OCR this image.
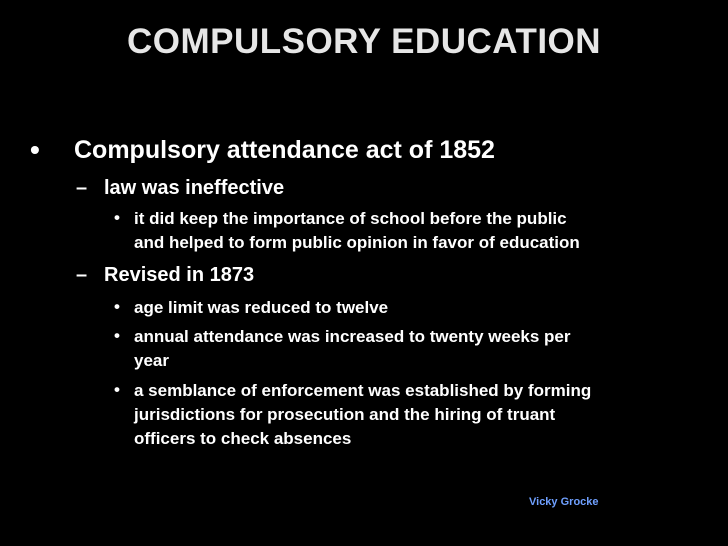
COMPULSORY EDUCATION
• Compulsory attendance act of 1852
– law was ineffective
• it did keep the importance of school before the public
and helped to form public opinion in favor of education
– Revised in 1873
• age limit was reduced to twelve
• annual attendance was increased to twenty weeks per
year
• a semblance of enforcement was established by forming
jurisdictions for prosecution and the hiring of truant
officers to check absences
Vicky Grocke
